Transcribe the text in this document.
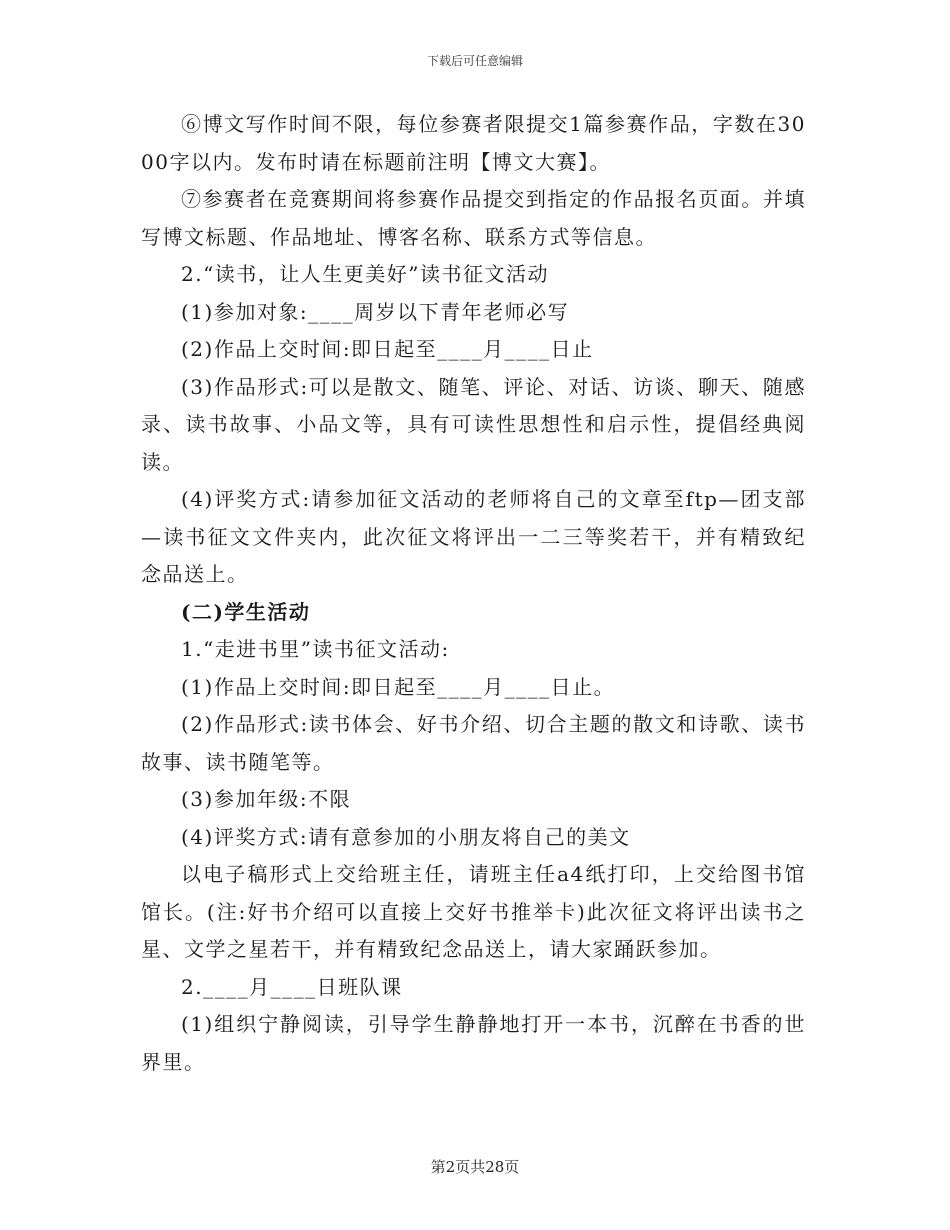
下载后可任意编辑

⑥博文写作时间不限，每位参赛者限提交1篇参赛作品，字数在3000字以内。发布时请在标题前注明【博文大赛】。

⑦参赛者在竞赛期间将参赛作品提交到指定的作品报名页面。并填写博文标题、作品地址、博客名称、联系方式等信息。

2.“读书，让人生更美好”读书征文活动

(1)参加对象:____周岁以下青年老师必写

(2)作品上交时间:即日起至____月____日止

(3)作品形式:可以是散文、随笔、评论、对话、访谈、聊天、随感录、读书故事、小品文等，具有可读性思想性和启示性，提倡经典阅读。

(4)评奖方式:请参加征文活动的老师将自己的文章至ftp—团支部—读书征文文件夹内，此次征文将评出一二三等奖若干，并有精致纪念品送上。

(二)学生活动

1.“走进书里”读书征文活动:

(1)作品上交时间:即日起至____月____日止。

(2)作品形式:读书体会、好书介绍、切合主题的散文和诗歌、读书故事、读书随笔等。

(3)参加年级:不限

(4)评奖方式:请有意参加的小朋友将自己的美文

以电子稿形式上交给班主任，请班主任a4纸打印，上交给图书馆馆长。(注:好书介绍可以直接上交好书推举卡)此次征文将评出读书之星、文学之星若干，并有精致纪念品送上，请大家踊跃参加。

2.____月____日班队课

(1)组织宁静阅读，引导学生静静地打开一本书，沉醉在书香的世界里。

第2页共28页
